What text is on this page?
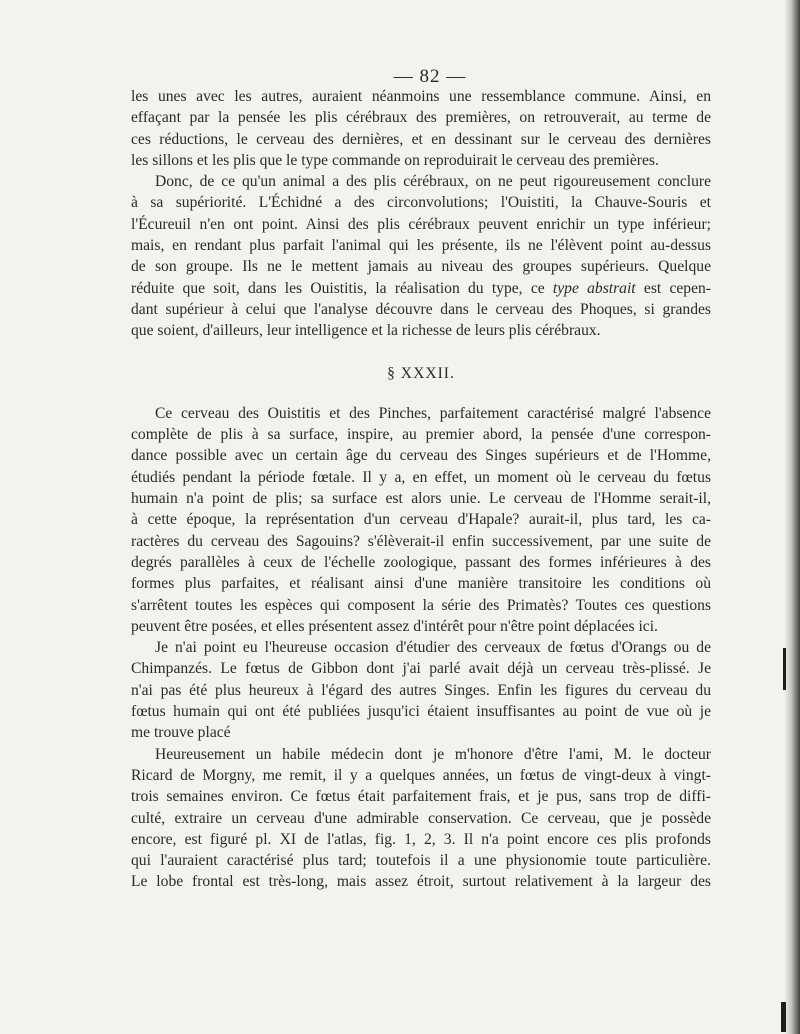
— 82 —

les unes avec les autres, auraient néanmoins une ressemblance commune. Ainsi, en

effaçant par la pensée les plis cérébraux des premières, on retrouverait, au terme de

ces réductions, le cerveau des dernières, et en dessinant sur le cerveau des dernières

les sillons et les plis que le type commande on reproduirait le cerveau des premières.

Donc, de ce qu'un animal a des plis cérébraux, on ne peut rigoureusement conclure

à sa supériorité. L'Échidné a des circonvolutions; l'Ouistiti, la Chauve-Souris et

l'Écureuil n'en ont point. Ainsi des plis cérébraux peuvent enrichir un type inférieur;

mais, en rendant plus parfait l'animal qui les présente, ils ne l'élèvent point au-dessus

de son groupe. Ils ne le mettent jamais au niveau des groupes supérieurs. Quelque

réduite que soit, dans les Ouistitis, la réalisation du type, ce type abstrait est cepen-

dant supérieur à celui que l'analyse découvre dans le cerveau des Phoques, si grandes

que soient, d'ailleurs, leur intelligence et la richesse de leurs plis cérébraux.

§ XXXII.

Ce cerveau des Ouistitis et des Pinches, parfaitement caractérisé malgré l'absence

complète de plis à sa surface, inspire, au premier abord, la pensée d'une correspon-

dance possible avec un certain âge du cerveau des Singes supérieurs et de l'Homme,

étudiés pendant la période fœtale. Il y a, en effet, un moment où le cerveau du fœtus

humain n'a point de plis; sa surface est alors unie. Le cerveau de l'Homme serait-il,

à cette époque, la représentation d'un cerveau d'Hapale? aurait-il, plus tard, les ca-

ractères du cerveau des Sagouins? s'élèverait-il enfin successivement, par une suite de

degrés parallèles à ceux de l'échelle zoologique, passant des formes inférieures à des

formes plus parfaites, et réalisant ainsi d'une manière transitoire les conditions où

s'arrêtent toutes les espèces qui composent la série des Primatès? Toutes ces questions

peuvent être posées, et elles présentent assez d'intérêt pour n'être point déplacées ici.

Je n'ai point eu l'heureuse occasion d'étudier des cerveaux de fœtus d'Orangs ou de

Chimpanzés. Le fœtus de Gibbon dont j'ai parlé avait déjà un cerveau très-plissé. Je

n'ai pas été plus heureux à l'égard des autres Singes. Enfin les figures du cerveau du

fœtus humain qui ont été publiées jusqu'ici étaient insuffisantes au point de vue où je

me trouve placé

Heureusement un habile médecin dont je m'honore d'être l'ami, M. le docteur

Ricard de Morgny, me remit, il y a quelques années, un fœtus de vingt-deux à vingt-

trois semaines environ. Ce fœtus était parfaitement frais, et je pus, sans trop de diffi-

culté, extraire un cerveau d'une admirable conservation. Ce cerveau, que je possède

encore, est figuré pl. XI de l'atlas, fig. 1, 2, 3. Il n'a point encore ces plis profonds

qui l'auraient caractérisé plus tard; toutefois il a une physionomie toute particulière.

Le lobe frontal est très-long, mais assez étroit, surtout relativement à la largeur des
